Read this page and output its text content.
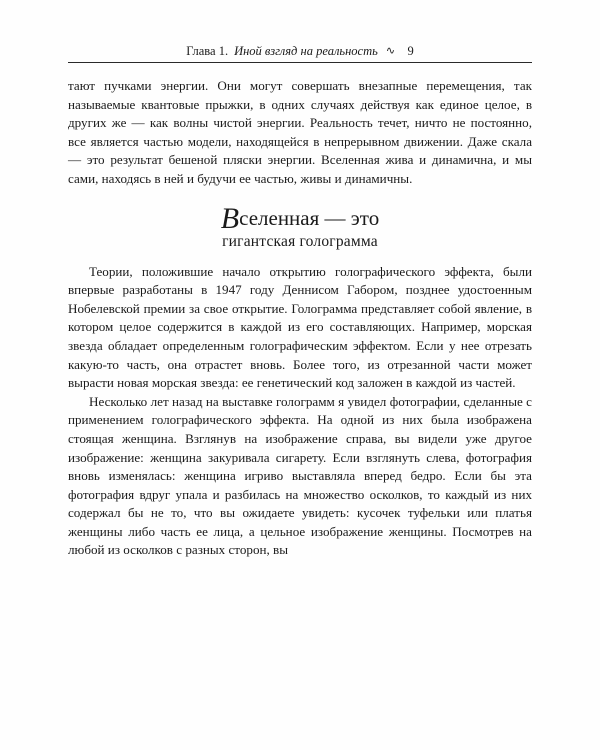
Глава 1. Иной взгляд на реальность ∿ 9

тают пучками энергии. Они могут совершать внезапные перемещения, так называемые квантовые прыжки, в одних случаях действуя как единое целое, в других же — как волны чистой энергии. Реальность течет, ничто не постоянно, все является частью модели, находящейся в непрерывном движении. Даже скала — это результат бешеной пляски энергии. Вселенная жива и динамична, и мы сами, находясь в ней и будучи ее частью, живы и динамичны.

Вселенная — это
гигантская голограмма

Теории, положившие начало открытию голографического эффекта, были впервые разработаны в 1947 году Деннисом Габором, позднее удостоенным Нобелевской премии за свое открытие. Голограмма представляет собой явление, в котором целое содержится в каждой из его составляющих. Например, морская звезда обладает определенным голографическим эффектом. Если у нее отрезать какую-то часть, она отрастет вновь. Более того, из отрезанной части может вырасти новая морская звезда: ее генетический код заложен в каждой из частей.

Несколько лет назад на выставке голограмм я увидел фотографии, сделанные с применением голографического эффекта. На одной из них была изображена стоящая женщина. Взглянув на изображение справа, вы видели уже другое изображение: женщина закуривала сигарету. Если взглянуть слева, фотография вновь изменялась: женщина игриво выставляла вперед бедро. Если бы эта фотография вдруг упала и разбилась на множество осколков, то каждый из них содержал бы не то, что вы ожидаете увидеть: кусочек туфельки или платья женщины либо часть ее лица, а цельное изображение женщины. Посмотрев на любой из осколков с разных сторон, вы
